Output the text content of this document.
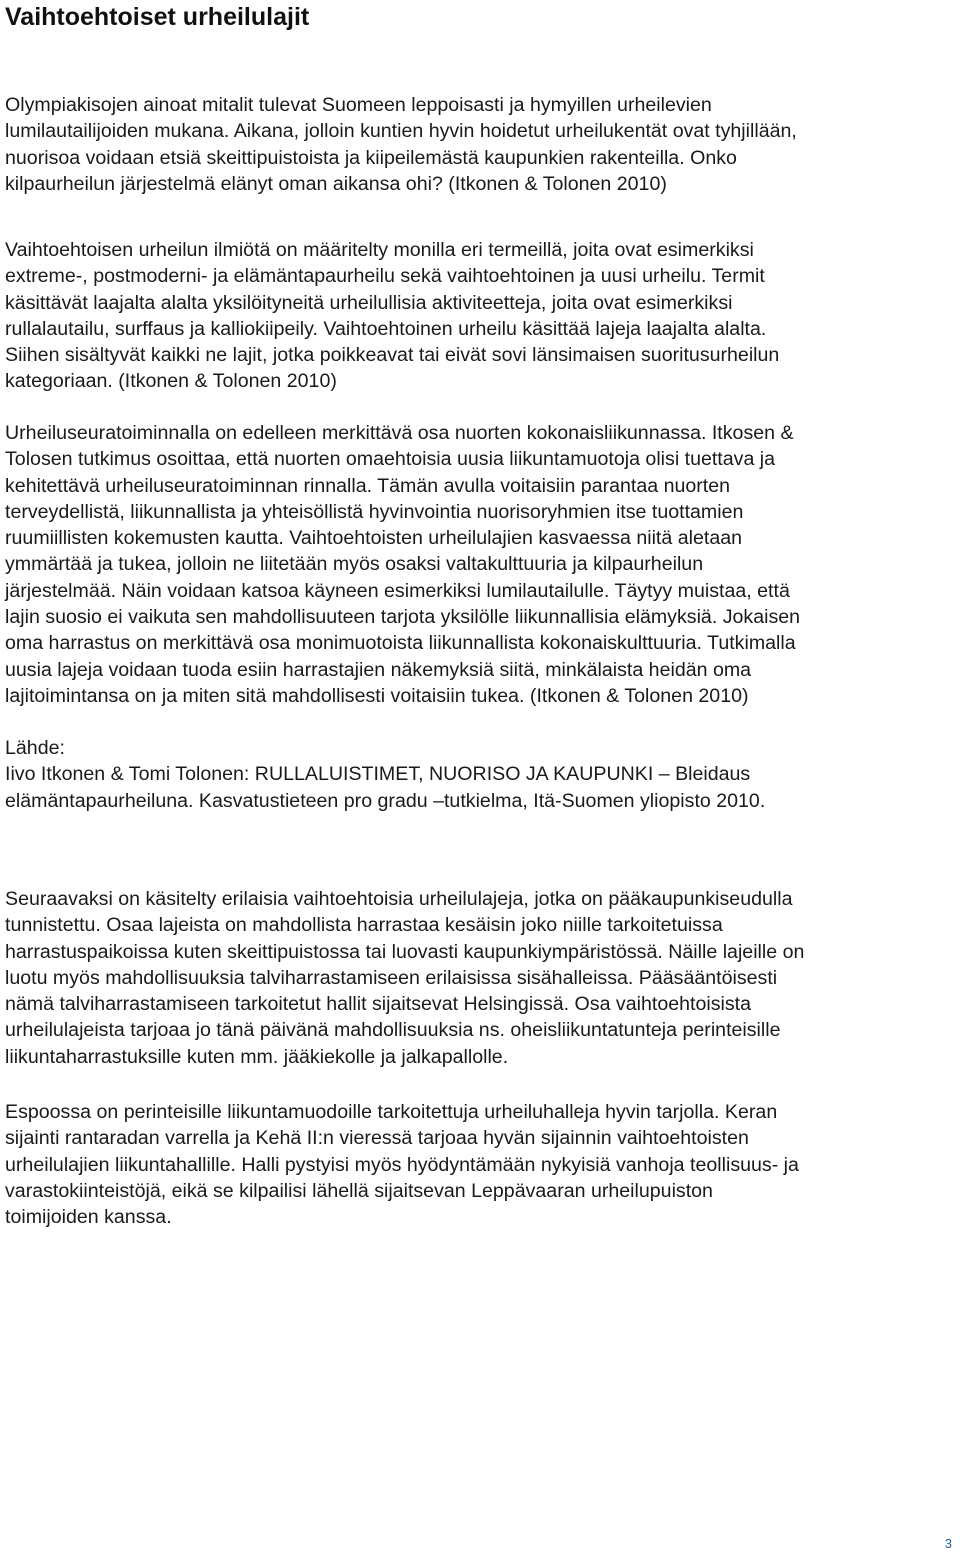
Vaihtoehtoiset urheilulajit

Olympiakisojen ainoat mitalit tulevat Suomeen leppoisasti ja hymyillen urheilevien
lumilautailijoiden mukana. Aikana, jolloin kuntien hyvin hoidetut urheilukentät ovat tyhjillään,
nuorisoa voidaan etsiä skeittipuistoista ja kiipeilemästä kaupunkien rakenteilla. Onko
kilpaurheilun järjestelmä elänyt oman aikansa ohi? (Itkonen & Tolonen 2010)

Vaihtoehtoisen urheilun ilmiötä on määritelty monilla eri termeillä, joita ovat esimerkiksi
extreme-, postmoderni- ja elämäntapaurheilu sekä vaihtoehtoinen ja uusi urheilu. Termit
käsittävät laajalta alalta yksilöityneitä urheilullisia aktiviteetteja, joita ovat esimerkiksi
rullalautailu, surffaus ja kalliokiipeily. Vaihtoehtoinen urheilu käsittää lajeja laajalta alalta.
Siihen sisältyvät kaikki ne lajit, jotka poikkeavat tai eivät sovi länsimaisen suoritusurheilun
kategoriaan. (Itkonen & Tolonen 2010)

Urheiluseuratoiminnalla on edelleen merkittävä osa nuorten kokonaisliikunnassa. Itkosen &
Tolosen tutkimus osoittaa, että nuorten omaehtoisia uusia liikuntamuotoja olisi tuettava ja
kehitettävä urheiluseuratoiminnan rinnalla. Tämän avulla voitaisiin parantaa nuorten
terveydellistä, liikunnallista ja yhteisöllistä hyvinvointia nuorisoryhmien itse tuottamien
ruumiillisten kokemusten kautta. Vaihtoehtoisten urheilulajien kasvaessa niitä aletaan
ymmärtää ja tukea, jolloin ne liitetään myös osaksi valtakulttuuria ja kilpaurheilun
järjestelmää. Näin voidaan katsoa käyneen esimerkiksi lumilautailulle. Täytyy muistaa, että
lajin suosio ei vaikuta sen mahdollisuuteen tarjota yksilölle liikunnallisia elämyksiä. Jokaisen
oma harrastus on merkittävä osa monimuotoista liikunnallista kokonaiskulttuuria. Tutkimalla
uusia lajeja voidaan tuoda esiin harrastajien näkemyksiä siitä, minkälaista heidän oma
lajitoimintansa on ja miten sitä mahdollisesti voitaisiin tukea. (Itkonen & Tolonen 2010)

Lähde:
Iivo Itkonen & Tomi Tolonen: RULLALUISTIMET, NUORISO JA KAUPUNKI – Bleidaus
elämäntapaurheiluna. Kasvatustieteen pro gradu –tutkielma, Itä-Suomen yliopisto 2010.

Seuraavaksi on käsitelty erilaisia vaihtoehtoisia urheilulajeja, jotka on pääkaupunkiseudulla
tunnistettu. Osaa lajeista on mahdollista harrastaa kesäisin joko niille tarkoitetuissa
harrastuspaikoissa kuten skeittipuistossa tai luovasti kaupunkiympäristössä. Näille lajeille on
luotu myös mahdollisuuksia talviharrastamiseen erilaisissa sisähalleissa. Pääsääntöisesti
nämä talviharrastamiseen tarkoitetut hallit sijaitsevat Helsingissä. Osa vaihtoehtoisista
urheilulajeista tarjoaa jo tänä päivänä mahdollisuuksia ns. oheisliikuntatunteja perinteisille
liikuntaharrastuksille kuten mm. jääkiekolle ja jalkapallolle.

Espoossa on perinteisille liikuntamuodoille tarkoitettuja urheiluhalleja hyvin tarjolla. Keran
sijainti rantaradan varrella ja Kehä II:n vieressä tarjoaa hyvän sijainnin vaihtoehtoisten
urheilulajien liikuntahallille. Halli pystyisi myös hyödyntämään nykyisiä vanhoja teollisuus- ja
varastokiinteistöjä, eikä se kilpailisi lähellä sijaitsevan Leppävaaran urheilupuiston
toimijoiden kanssa.

3
